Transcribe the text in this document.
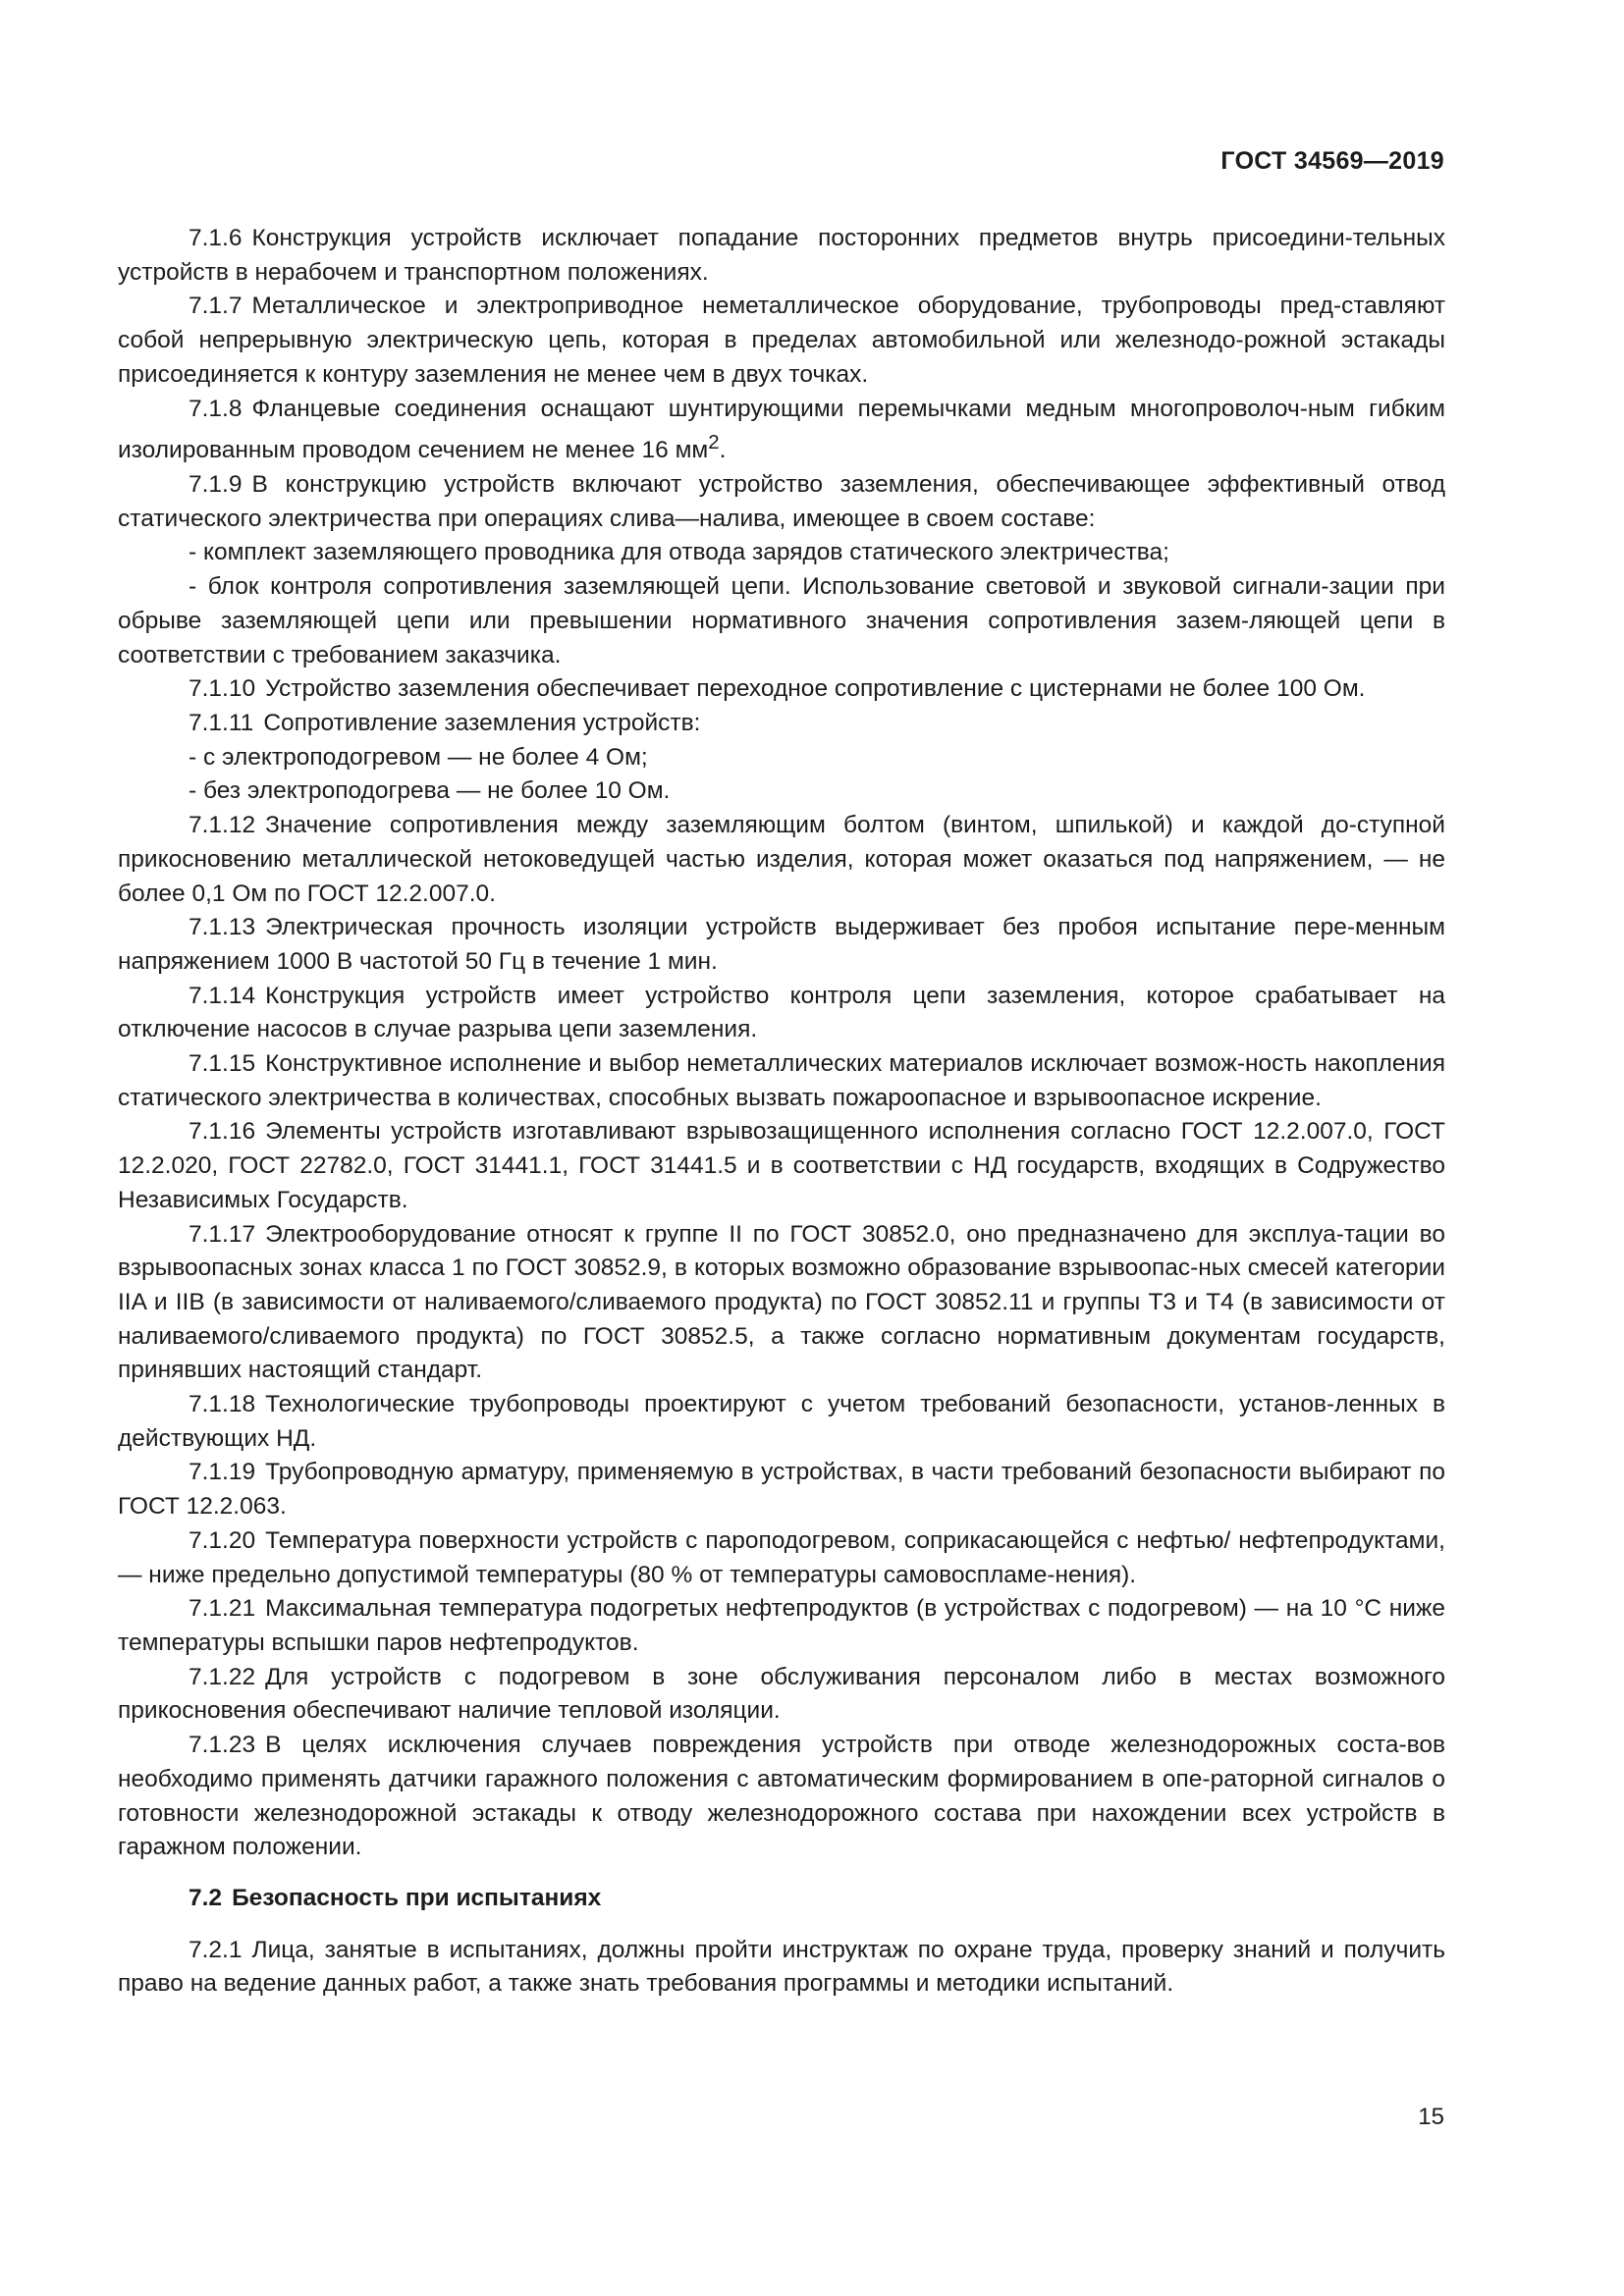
ГОСТ 34569—2019

7.1.6 Конструкция устройств исключает попадание посторонних предметов внутрь присоедини-тельных устройств в нерабочем и транспортном положениях.

7.1.7 Металлическое и электроприводное неметаллическое оборудование, трубопроводы пред-ставляют собой непрерывную электрическую цепь, которая в пределах автомобильной или железнодо-рожной эстакады присоединяется к контуру заземления не менее чем в двух точках.

7.1.8 Фланцевые соединения оснащают шунтирующими перемычками медным многопроволоч-ным гибким изолированным проводом сечением не менее 16 $мм^2$.

7.1.9 В конструкцию устройств включают устройство заземления, обеспечивающее эффективный отвод статического электричества при операциях слива—налива, имеющее в своем составе:

- комплект заземляющего проводника для отвода зарядов статического электричества;

- блок контроля сопротивления заземляющей цепи. Использование световой и звуковой сигнали-зации при обрыве заземляющей цепи или превышении нормативного значения сопротивления зазем-ляющей цепи в соответствии с требованием заказчика.

7.1.10 Устройство заземления обеспечивает переходное сопротивление с цистернами не более 100 Ом.

7.1.11 Сопротивление заземления устройств:

- с электроподогревом — не более 4 Ом;

- без электроподогрева — не более 10 Ом.

7.1.12 Значение сопротивления между заземляющим болтом (винтом, шпилькой) и каждой до-ступной прикосновению металлической нетоковедущей частью изделия, которая может оказаться под напряжением, — не более 0,1 Ом по ГОСТ 12.2.007.0.

7.1.13 Электрическая прочность изоляции устройств выдерживает без пробоя испытание пере-менным напряжением 1000 В частотой 50 Гц в течение 1 мин.

7.1.14 Конструкция устройств имеет устройство контроля цепи заземления, которое срабатывает на отключение насосов в случае разрыва цепи заземления.

7.1.15 Конструктивное исполнение и выбор неметаллических материалов исключает возмож-ность накопления статического электричества в количествах, способных вызвать пожароопасное и взрывоопасное искрение.

7.1.16 Элементы устройств изготавливают взрывозащищенного исполнения согласно ГОСТ 12.2.007.0, ГОСТ 12.2.020, ГОСТ 22782.0, ГОСТ 31441.1, ГОСТ 31441.5 и в соответствии с НД государств, входящих в Содружество Независимых Государств.

7.1.17 Электрооборудование относят к группе II по ГОСТ 30852.0, оно предназначено для эксплуа-тации во взрывоопасных зонах класса 1 по ГОСТ 30852.9, в которых возможно образование взрывоопас-ных смесей категории IIA и IIB (в зависимости от наливаемого/сливаемого продукта) по ГОСТ 30852.11 и группы Т3 и Т4 (в зависимости от наливаемого/сливаемого продукта) по ГОСТ 30852.5, а также согласно нормативным документам государств, принявших настоящий стандарт.

7.1.18 Технологические трубопроводы проектируют с учетом требований безопасности, установ-ленных в действующих НД.

7.1.19 Трубопроводную арматуру, применяемую в устройствах, в части требований безопасности выбирают по ГОСТ 12.2.063.

7.1.20 Температура поверхности устройств с пароподогревом, соприкасающейся с нефтью/ нефтепродуктами, — ниже предельно допустимой температуры (80 % от температуры самовоспламе-нения).

7.1.21 Максимальная температура подогретых нефтепродуктов (в устройствах с подогревом) — на 10 °С ниже температуры вспышки паров нефтепродуктов.

7.1.22 Для устройств с подогревом в зоне обслуживания персоналом либо в местах возможного прикосновения обеспечивают наличие тепловой изоляции.

7.1.23 В целях исключения случаев повреждения устройств при отводе железнодорожных соста-вов необходимо применять датчики гаражного положения с автоматическим формированием в опе-раторной сигналов о готовности железнодорожной эстакады к отводу железнодорожного состава при нахождении всех устройств в гаражном положении.

7.2 Безопасность при испытаниях

7.2.1 Лица, занятые в испытаниях, должны пройти инструктаж по охране труда, проверку знаний и получить право на ведение данных работ, а также знать требования программы и методики испытаний.

15
